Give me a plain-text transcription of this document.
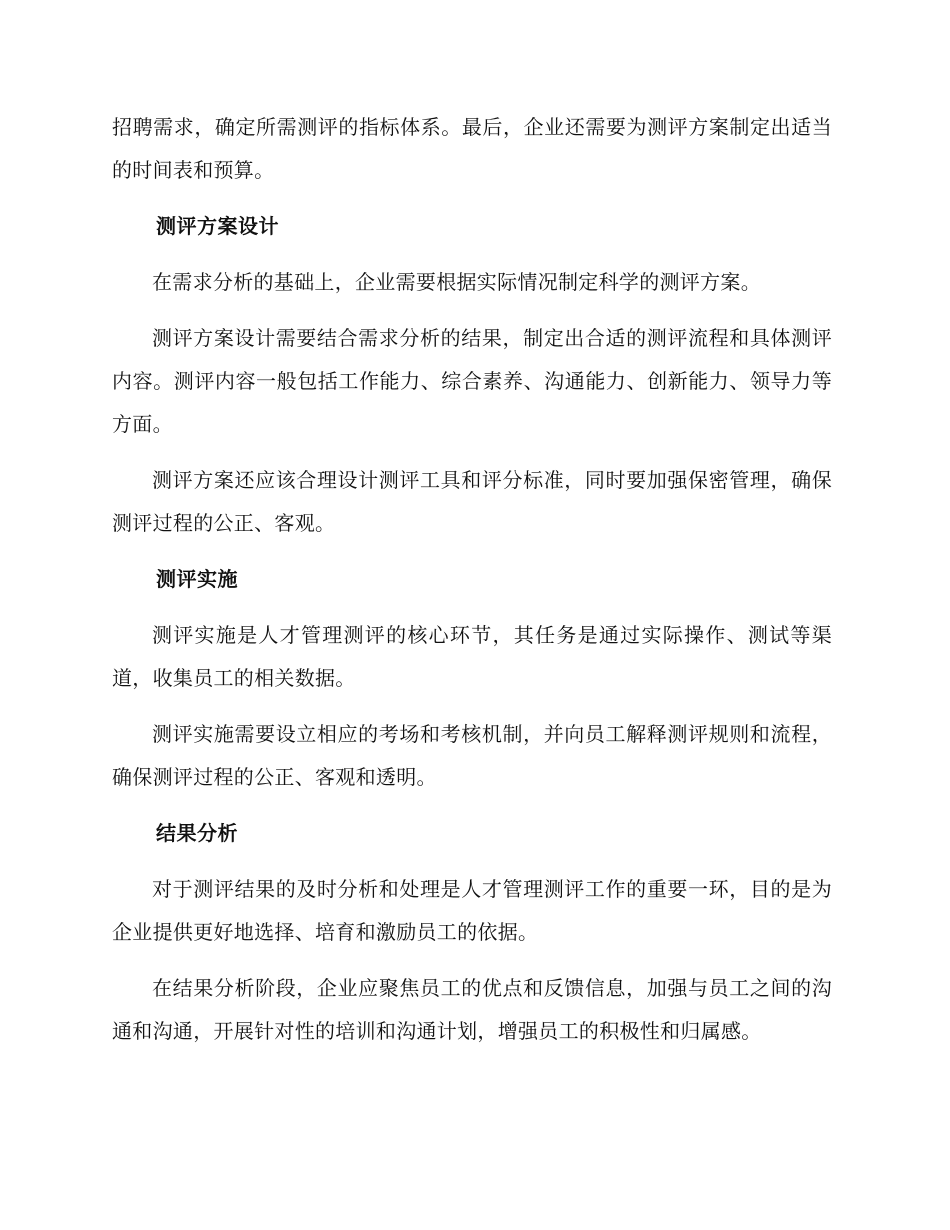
招聘需求，确定所需测评的指标体系。最后，企业还需要为测评方案制定出适当的时间表和预算。

测评方案设计

在需求分析的基础上，企业需要根据实际情况制定科学的测评方案。

测评方案设计需要结合需求分析的结果，制定出合适的测评流程和具体测评内容。测评内容一般包括工作能力、综合素养、沟通能力、创新能力、领导力等方面。

测评方案还应该合理设计测评工具和评分标准，同时要加强保密管理，确保测评过程的公正、客观。

测评实施

测评实施是人才管理测评的核心环节，其任务是通过实际操作、测试等渠道，收集员工的相关数据。

测评实施需要设立相应的考场和考核机制，并向员工解释测评规则和流程，确保测评过程的公正、客观和透明。

结果分析

对于测评结果的及时分析和处理是人才管理测评工作的重要一环，目的是为企业提供更好地选择、培育和激励员工的依据。

在结果分析阶段，企业应聚焦员工的优点和反馈信息，加强与员工之间的沟通和沟通，开展针对性的培训和沟通计划，增强员工的积极性和归属感。
